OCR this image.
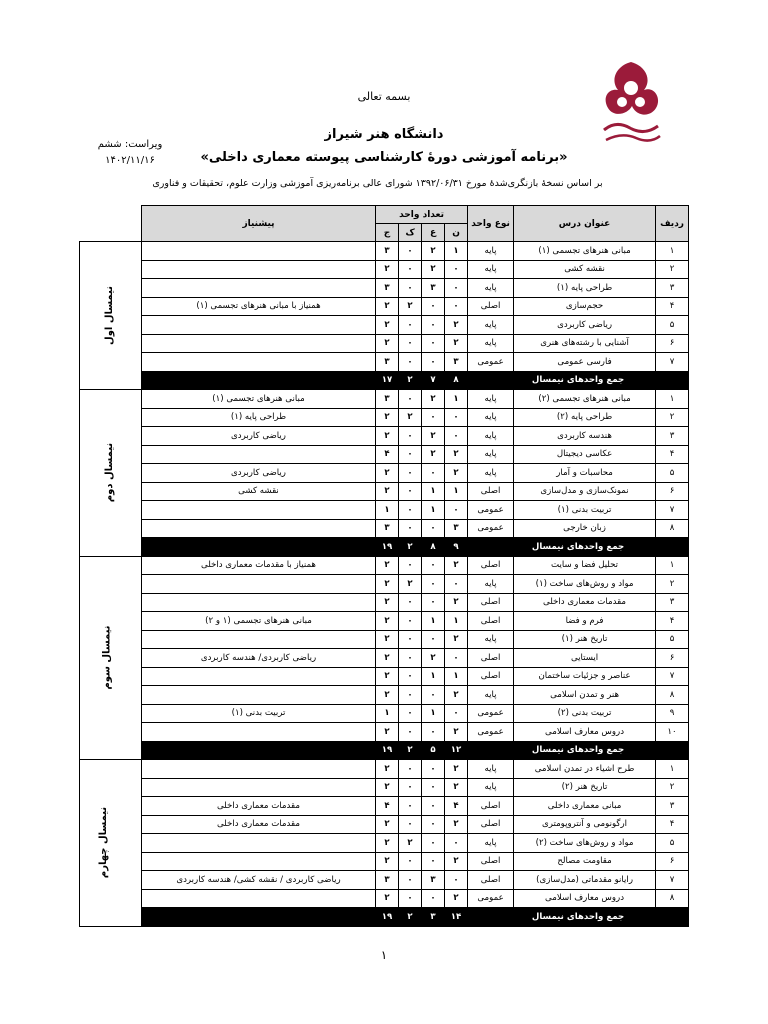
بسمه تعالی
دانشگاه هنر شیراز
«برنامه آموزشی دورهٔ کارشناسی پیوسته معماری داخلی»
ویراست: ششم
۱۴۰۲/۱۱/۱۶
بر اساس نسخهٔ بازنگری‌شدهٔ مورخ ۱۳۹۲/۰۶/۳۱ شورای عالی برنامه‌ریزی آموزشی وزارت علوم، تحقیقات و فناوری
ردیف	عنوان درس	نوع واحد	تعداد واحد				پیشنیاز	
			ن	ع	ک	ج		
۱	مبانی هنرهای تجسمی (۱)	پایه	۱	۲	۰	۳		نیمسال اول
۲	نقشه کشی	پایه	۰	۲	۰	۲		
۳	طراحی پایه (۱)	پایه	۰	۳	۰	۳		
۴	حجم‌سازی	اصلی	۰	۰	۲	۲	همنیاز با مبانی هنرهای تجسمی (۱)	
۵	ریاضی کاربردی	پایه	۲	۰	۰	۲		
۶	آشنایی با رشته‌های هنری	پایه	۲	۰	۰	۲		
۷	فارسی عمومی	عمومی	۳	۰	۰	۳		
جمع واحدهای نیمسال			۸	۷	۲	۱۷		
۱	مبانی هنرهای تجسمی (۲)	پایه	۱	۲	۰	۳	مبانی هنرهای تجسمی (۱)	نیمسال دوم
۲	طراحی پایه (۲)	پایه	۰	۰	۲	۲	طراحی پایه (۱)	
۳	هندسه کاربردی	پایه	۰	۲	۰	۲	ریاضی کاربردی	
۴	عکاسی دیجیتال	پایه	۲	۲	۰	۴		
۵	محاسبات و آمار	پایه	۲	۰	۰	۲	ریاضی کاربردی	
۶	نمونک‌سازی و مدل‌سازی	اصلی	۱	۱	۰	۲	نقشه کشی	
۷	تربیت بدنی (۱)	عمومی	۰	۱	۰	۱		
۸	زبان خارجی	عمومی	۳	۰	۰	۳		
جمع واحدهای نیمسال			۹	۸	۲	۱۹		
۱	تحلیل فضا و سایت	اصلی	۲	۰	۰	۲	همنیاز با مقدمات معماری داخلی	نیمسال سوم
۲	مواد و روش‌های ساخت (۱)	پایه	۰	۰	۲	۲		
۳	مقدمات معماری داخلی	اصلی	۲	۰	۰	۲		
۴	فرم و فضا	اصلی	۱	۱	۰	۲	مبانی هنرهای تجسمی (۱ و ۲)	
۵	تاریخ هنر (۱)	پایه	۲	۰	۰	۲		
۶	ایستایی	اصلی	۰	۲	۰	۲	ریاضی کاربردی/ هندسه کاربردی	
۷	عناصر و جزئیات ساختمان	اصلی	۱	۱	۰	۲		
۸	هنر و تمدن اسلامی	پایه	۲	۰	۰	۲		
۹	تربیت بدنی (۲)	عمومی	۰	۱	۰	۱	تربیت بدنی (۱)	
۱۰	دروس معارف اسلامی	عمومی	۲	۰	۰	۲		
جمع واحدهای نیمسال			۱۲	۵	۲	۱۹		
۱	طرح اشیاء در تمدن اسلامی	پایه	۲	۰	۰	۲		نیمسال چهارم
۲	تاریخ هنر (۲)	پایه	۲	۰	۰	۲		
۳	مبانی معماری داخلی	اصلی	۴	۰	۰	۴	مقدمات معماری داخلی	
۴	ارگونومی و آنتروپومتری	اصلی	۲	۰	۰	۲	مقدمات معماری داخلی	
۵	مواد و روش‌های ساخت (۲)	پایه	۰	۰	۲	۲		
۶	مقاومت مصالح	اصلی	۲	۰	۰	۲		
۷	رایانو مقدماتی (مدل‌سازی)	اصلی	۰	۳	۰	۳	ریاضی کاربردی / نقشه کشی/ هندسه کاربردی	
۸	دروس معارف اسلامی	عمومی	۲	۰	۰	۲		
جمع واحدهای نیمسال			۱۴	۳	۲	۱۹		
۱
